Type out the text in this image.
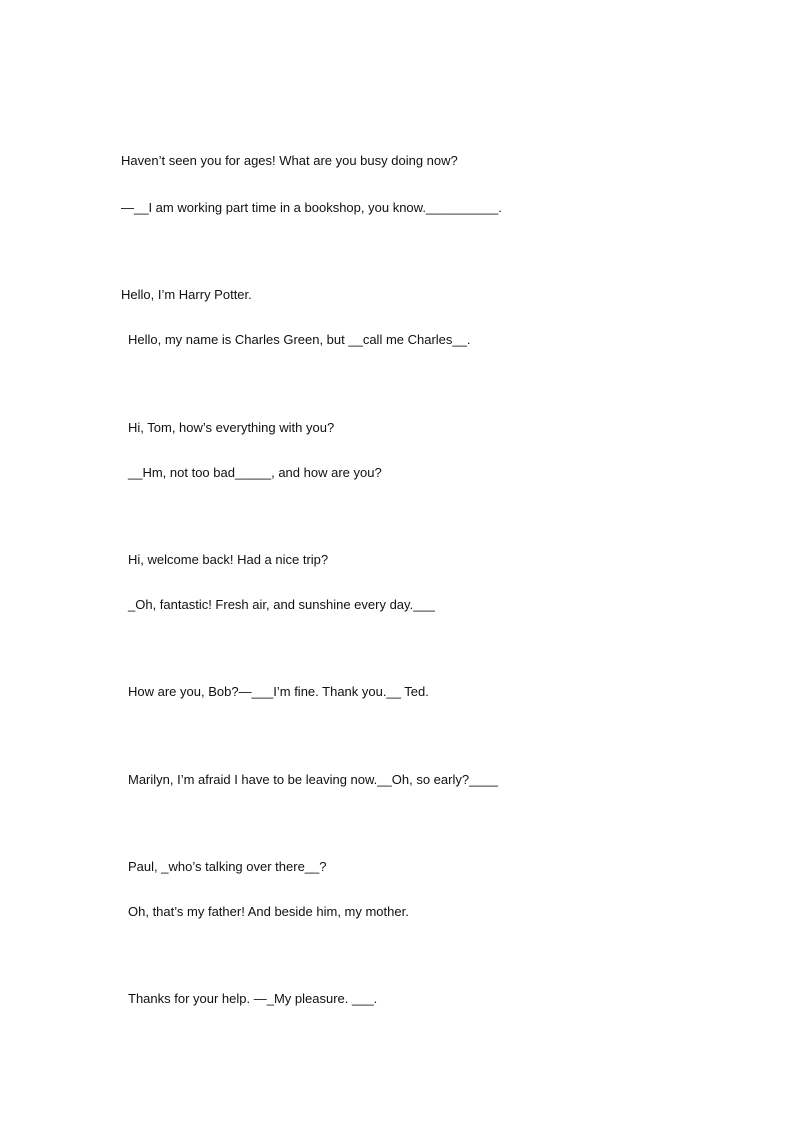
Haven’t seen you for ages! What are you busy doing now?
—__I am working part time in a bookshop, you know.__________.
Hello, I’m Harry Potter.
Hello, my name is Charles Green, but __call me Charles__.
Hi, Tom, how’s everything with you?
__Hm, not too bad_____, and how are you?
Hi, welcome back! Had a nice trip?
_Oh, fantastic! Fresh air, and sunshine every day.___
How are you, Bob?—___I’m fine. Thank you.__ Ted.
Marilyn, I’m afraid I have to be leaving now.__Oh, so early?____
Paul, _who’s talking over there__?
Oh, that’s my father! And beside him, my mother.
Thanks for your help. —_My pleasure. ___.
